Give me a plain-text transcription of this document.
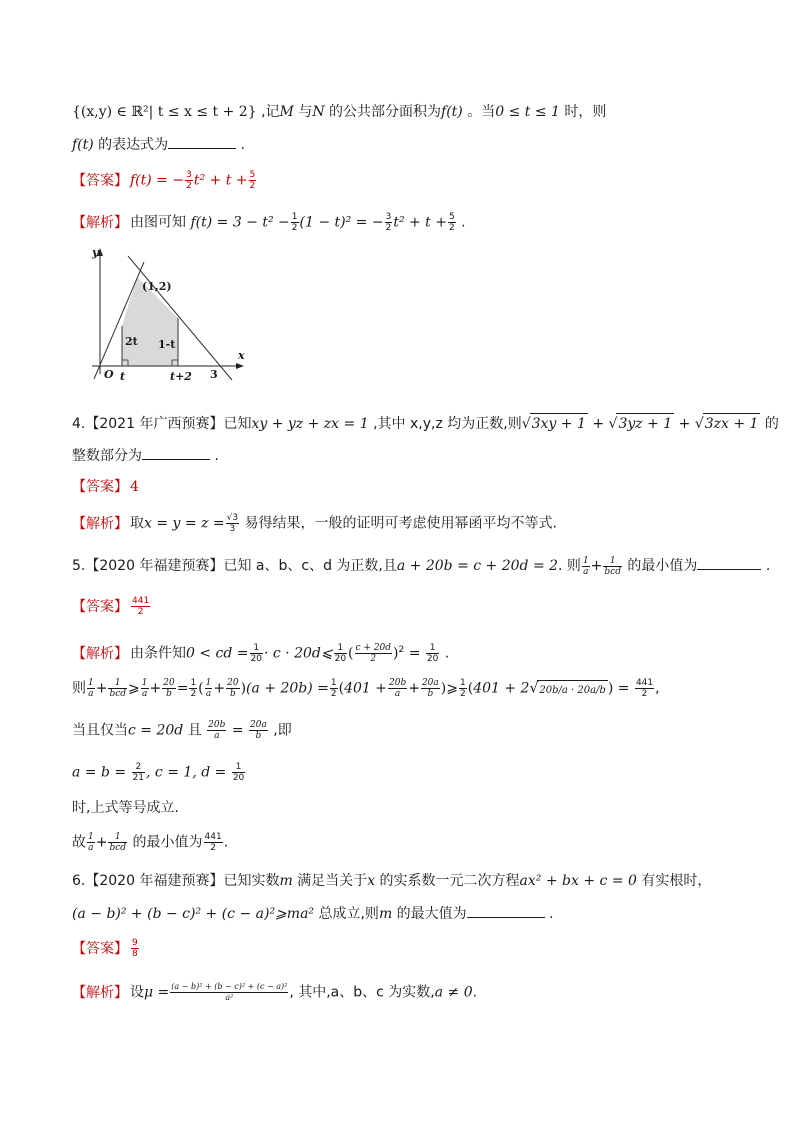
{(x,y) ∈ ℝ²| t ≤ x ≤ t + 2} ,记M 与N 的公共部分面积为f(t) 。当0 ≤ t ≤ 1 时，则
f(t) 的表达式为	.
【答案】 f(t) = − $\frac{3}{2} t^2 + t + \frac{5}{2}$
【解析】 由图可知 $f(t) = 3 - t^2 - \frac{1}{2} (1 - t)^2$ = − $\frac{3}{2} t^2 + t + \frac{5}{2}$ .
y
x
O
(1,2)
2t 1-t
t	t+2 3
4.【2021 年广西预赛】已知xy + yz + zx = 1 ,其中 x,y,z 均为正数,则√3xy + 1 + √3yz + 1 + √3zx + 1 的
整数部分为	.
【答案】 4
【解析】 取$x = y = z = \frac{√3}{3}$ 易得结果，一般的证明可考虑使用幂函平均不等式.
5.【2020 年福建预赛】已知 a、b、c、d 为正数,且a + 20b = c + 20d = 2. 则 $\frac{1}{a} + \frac{1}{\text{bcd}}$ 的最小值为	.
【答案】 $\frac{441}{2}$
【解析】 由条件知0 < cd = $\frac{1}{20} \cdot c$ · 20d⩽ $\frac{1}{20}$ ( $\frac{c + 20d}{2} )^2 = \frac{1}{20}$ .
则 $\frac{1}{a} + \frac{1}{\text{bcd}}$ ⩾ $\frac{1}{a} + \frac{20}{b} = \frac{1}{2}$ ( $\frac{1}{a} + \frac{20}{b} )(a + 20b) = \frac{1}{2} (401 + \frac{20b}{a} + \frac{20a}{b}$ )⩾ $\frac{1}{2} (401 + 2√20b/a \cdot 20a/b$ ) = $\frac{441}{2}$ ,
当且仅当c = 20d 且 $\frac{20b}{a} = \frac{20a}{b}$ ,即
$a = b = \frac{2}{21}$ , c = 1, $d = \frac{1}{20}$
时,上式等号成立.
故 $\frac{1}{a} + \frac{1}{\text{bcd}}$ 的最小值为 $\frac{441}{2}$ .
6.【2020 年福建预赛】已知实数m 满足当关于x 的实系数一元二次方程ax² + bx + c = 0 有实根时，
(a − b)² + (b − c)² + (c − a)²⩾ma² 总成立,则m 的最大值为	.
【答案】 $\frac{9}{8}$
【解析】 设$\mu = \frac{\text{(a − b)² + (b − c)² + (c − a)²}}{\text{a²}}$ , 其中,a、b、c 为实数,a ≠ 0.
